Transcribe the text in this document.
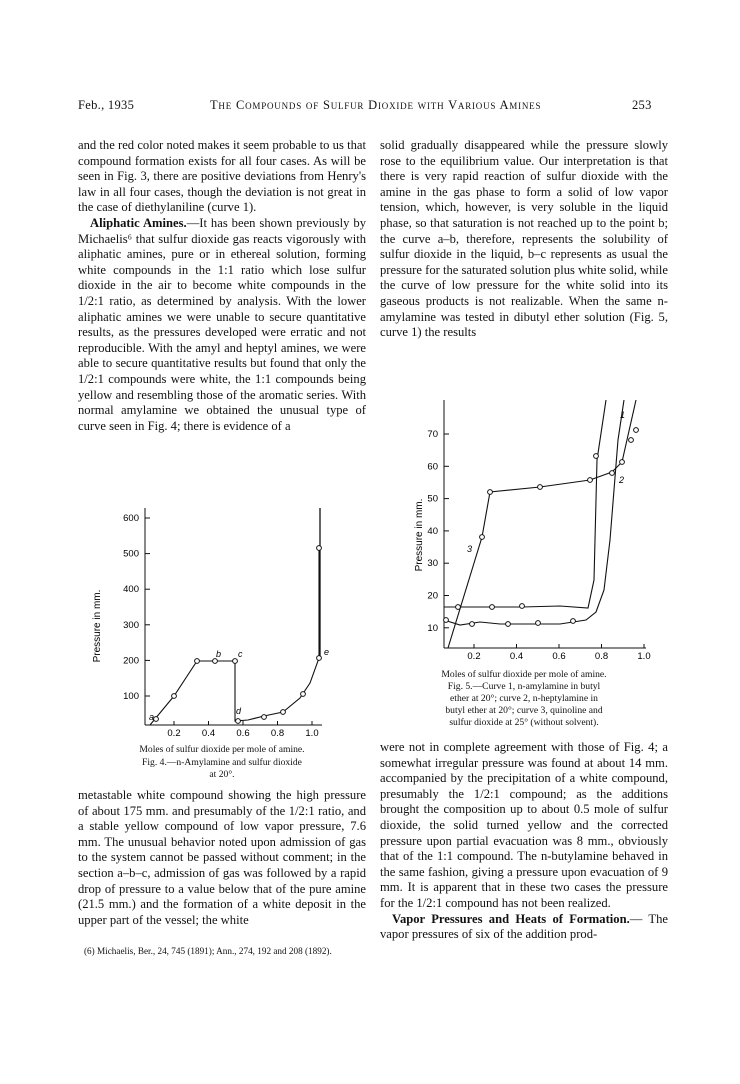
Feb., 1935	The Compounds of Sulfur Dioxide with Various Amines	253

and the red color noted makes it seem probable to us that compound formation exists for all four cases. As will be seen in Fig. 3, there are positive deviations from Henry's law in all four cases, though the deviation is not great in the case of diethylaniline (curve 1).

Aliphatic Amines.—It has been shown previously by Michaelis⁶ that sulfur dioxide gas reacts vigorously with aliphatic amines, pure or in ethereal solution, forming white compounds in the 1:1 ratio which lose sulfur dioxide in the air to become white compounds in the 1/2:1 ratio, as determined by analysis. With the lower aliphatic amines we were unable to secure quantitative results, as the pressures developed were erratic and not reproducible. With the amyl and heptyl amines, we were able to secure quantitative results but found that only the 1/2:1 compounds were white, the 1:1 compounds being yellow and resembling those of the aromatic series. With normal amylamine we obtained the unusual type of curve seen in Fig. 4; there is evidence of a

Pressure in mm.
600
500
400
300
200
100
0.2 0.4 0.6 0.8 1.0
a
b c
d
e
Moles of sulfur dioxide per mole of amine.
Fig. 4.—n-Amylamine and sulfur dioxide
at 20°.

metastable white compound showing the high pressure of about 175 mm. and presumably of the 1/2:1 ratio, and a stable yellow compound of low vapor pressure, 7.6 mm. The unusual behavior noted upon admission of gas to the system cannot be passed without comment; in the section a–b–c, admission of gas was followed by a rapid drop of pressure to a value below that of the pure amine (21.5 mm.) and the formation of a white deposit in the upper part of the vessel; the white

(6) Michaelis, Ber., 24, 745 (1891); Ann., 274, 192 and 208 (1892).

solid gradually disappeared while the pressure slowly rose to the equilibrium value. Our interpretation is that there is very rapid reaction of sulfur dioxide with the amine in the gas phase to form a solid of low vapor tension, which, however, is very soluble in the liquid phase, so that saturation is not reached up to the point b; the curve a–b, therefore, represents the solubility of sulfur dioxide in the liquid, b–c represents as usual the pressure for the saturated solution plus white solid, while the curve of low pressure for the white solid into its gaseous products is not realizable. When the same n-amylamine was tested in dibutyl ether solution (Fig. 5, curve 1) the results

Pressure in mm.
70
60
50
40
30
20
10
0.2	0.4	0.6	0.8	1.0
1
2
3
Moles of sulfur dioxide per mole of amine.
Fig. 5.—Curve 1, n-amylamine in butyl
ether at 20°; curve 2, n-heptylamine in
butyl ether at 20°; curve 3, quinoline and
sulfur dioxide at 25° (without solvent).

were not in complete agreement with those of Fig. 4; a somewhat irregular pressure was found at about 14 mm. accompanied by the precipitation of a white compound, presumably the 1/2:1 compound; as the additions brought the composition up to about 0.5 mole of sulfur dioxide, the solid turned yellow and the corrected pressure upon partial evacuation was 8 mm., obviously that of the 1:1 compound. The n-butylamine behaved in the same fashion, giving a pressure upon evacuation of 9 mm. It is apparent that in these two cases the pressure for the 1/2:1 compound has not been realized.

Vapor Pressures and Heats of Formation.— The vapor pressures of six of the addition prod-
